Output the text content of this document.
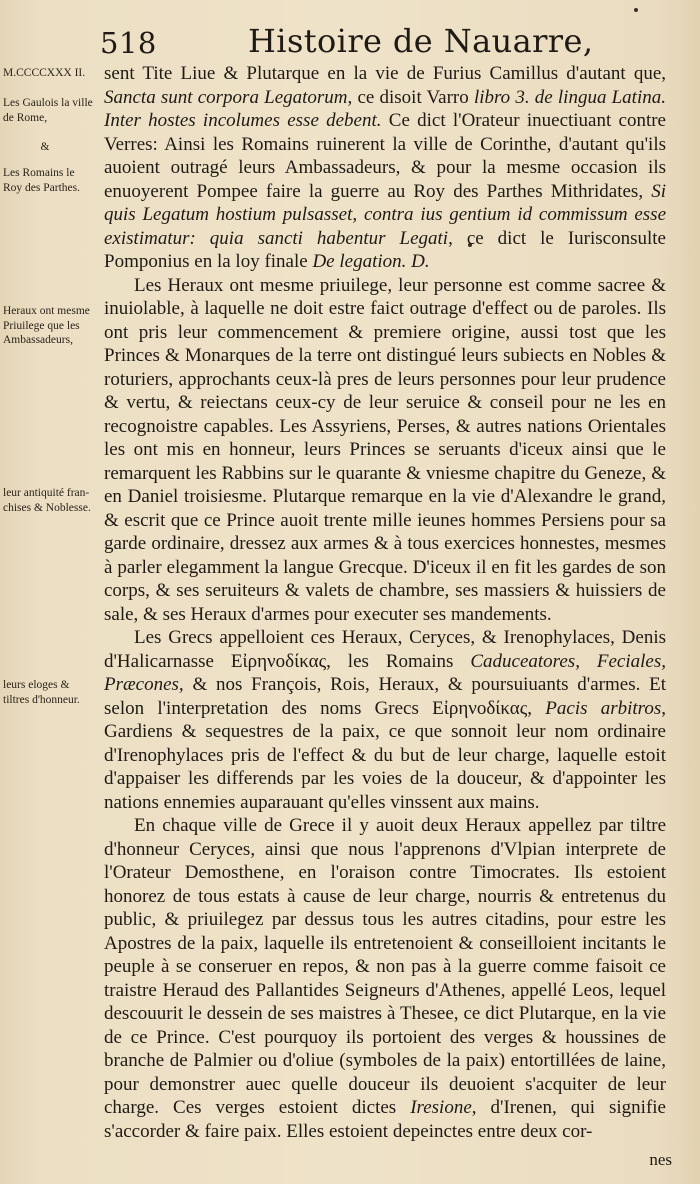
518	Histoire de Nauarre,
M.CCCCXXX II.
Les Gaulois la ville de Rome,
&
Les Romains le Roy des Parthes.
Heraux ont mesme Priuilege que les Ambassadeurs,
leur antiquité fran-chises & Noblesse.
leurs eloges & tiltres d'honneur.

sent Tite Liue & Plutarque en la vie de Furius Camillus d'autant que, Sancta sunt corpora Legatorum, ce disoit Varro libro 3. de lingua Latina. Inter hostes incolumes esse debent. Ce dict l'Orateur inuectiuant contre Verres: Ainsi les Romains ruinerent la ville de Corinthe, d'autant qu'ils auoient outragé leurs Ambassadeurs, & pour la mesme occasion ils enuoyerent Pompee faire la guerre au Roy des Parthes Mithridates, Si quis Legatum hostium pulsasset, contra ius gentium id commissum esse existimatur: quia sancti habentur Legati, ce dict le Iurisconsulte Pomponius en la loy finale De legation. D.

Les Heraux ont mesme priuilege, leur personne est comme sacree & inuiolable, à laquelle ne doit estre faict outrage d'effect ou de paroles. Ils ont pris leur commencement & premiere origine, aussi tost que les Princes & Monarques de la terre ont distingué leurs subiects en Nobles & roturiers, approchants ceux-là pres de leurs personnes pour leur prudence & vertu, & reiectans ceux-cy de leur seruice & conseil pour ne les en recognoistre capables. Les Assyriens, Perses, & autres nations Orientales les ont mis en honneur, leurs Princes se seruants d'iceux ainsi que le remarquent les Rabbins sur le quarante & vniesme chapitre du Geneze, & en Daniel troisiesme. Plutarque remarque en la vie d'Alexandre le grand, & escrit que ce Prince auoit trente mille ieunes hommes Persiens pour sa garde ordinaire, dressez aux armes & à tous exercices honnestes, mesmes à parler elegamment la langue Grecque. D'iceux il en fit les gardes de son corps, & ses seruiteurs & valets de chambre, ses massiers & huissiers de sale, & ses Heraux d'armes pour executer ses mandements.

Les Grecs appelloient ces Heraux, Ceryces, & Irenophylaces, Denis d'Halicarnasse Εἰρηνοδίκας, les Romains Caduceatores, Feciales, Præcones, & nos François, Rois, Heraux, & poursuiuants d'armes. Et selon l'interpretation des noms Grecs Εἰρηνοδίκας, Pacis arbitros, Gardiens & sequestres de la paix, ce que sonnoit leur nom ordinaire d'Irenophylaces pris de l'effect & du but de leur charge, laquelle estoit d'appaiser les differends par les voies de la douceur, & d'appointer les nations ennemies auparauant qu'elles vinssent aux mains.

En chaque ville de Grece il y auoit deux Heraux appellez par tiltre d'honneur Ceryces, ainsi que nous l'apprenons d'Vlpian interprete de l'Orateur Demosthene, en l'oraison contre Timocrates. Ils estoient honorez de tous estats à cause de leur charge, nourris & entretenus du public, & priuilegez par dessus tous les autres citadins, pour estre les Apostres de la paix, laquelle ils entretenoient & conseilloient incitants le peuple à se conseruer en repos, & non pas à la guerre comme faisoit ce traistre Heraud des Pallantides Seigneurs d'Athenes, appellé Leos, lequel descouurit le dessein de ses maistres à Thesee, ce dict Plutarque, en la vie de ce Prince. C'est pourquoy ils portoient des verges & houssines de branche de Palmier ou d'oliue (symboles de la paix) entortillées de laine, pour demonstrer auec quelle douceur ils deuoient s'acquiter de leur charge. Ces verges estoient dictes Iresione, d'Irenen, qui signifie s'accorder & faire paix. Elles estoient depeinctes entre deux cor-

nes
